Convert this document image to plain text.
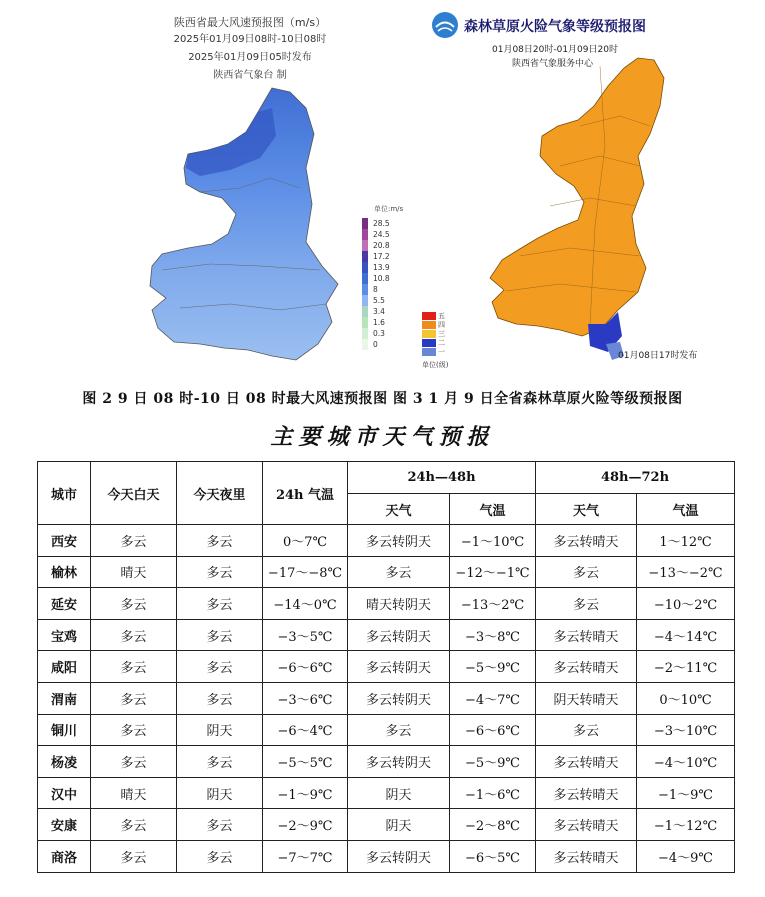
陕西省最大风速预报图（m/s）
2025年01月09日08时-10日08时
2025年01月09日05时发布
陕西省气象台 制
单位:m/s
28.5
24.5
20.8
17.2
13.9
10.8
8
5.5
3.4
1.6
0.3
0
森林草原火险气象等级预报图
01月08日20时-01月09日20时
陕西省气象服务中心
五
四
三
二
一
单位(级)
01月08日17时发布
图 2 9 日 08 时-10 日 08 时最大风速预报图 图 3 1 月 9 日全省森林草原火险等级预报图
主要城市天气预报
城市	今天白天	今天夜里	24h 气温	24h—48h		48h—72h	
				天气	气温	天气	气温
西安	多云	多云	0～7℃	多云转阴天	−1～10℃	多云转晴天	1～12℃
榆林	晴天	多云	−17～−8℃	多云	−12～−1℃	多云	−13～−2℃
延安	多云	多云	−14～0℃	晴天转阴天	−13～2℃	多云	−10～2℃
宝鸡	多云	多云	−3～5℃	多云转阴天	−3～8℃	多云转晴天	−4～14℃
咸阳	多云	多云	−6～6℃	多云转阴天	−5～9℃	多云转晴天	−2～11℃
渭南	多云	多云	−3～6℃	多云转阴天	−4～7℃	阴天转晴天	0～10℃
铜川	多云	阴天	−6～4℃	多云	−6～6℃	多云	−3～10℃
杨凌	多云	多云	−5～5℃	多云转阴天	−5～9℃	多云转晴天	−4～10℃
汉中	晴天	阴天	−1～9℃	阴天	−1～6℃	多云转晴天	−1～9℃
安康	多云	多云	−2～9℃	阴天	−2～8℃	多云转晴天	−1～12℃
商洛	多云	多云	−7～7℃	多云转阴天	−6～5℃	多云转晴天	−4～9℃
